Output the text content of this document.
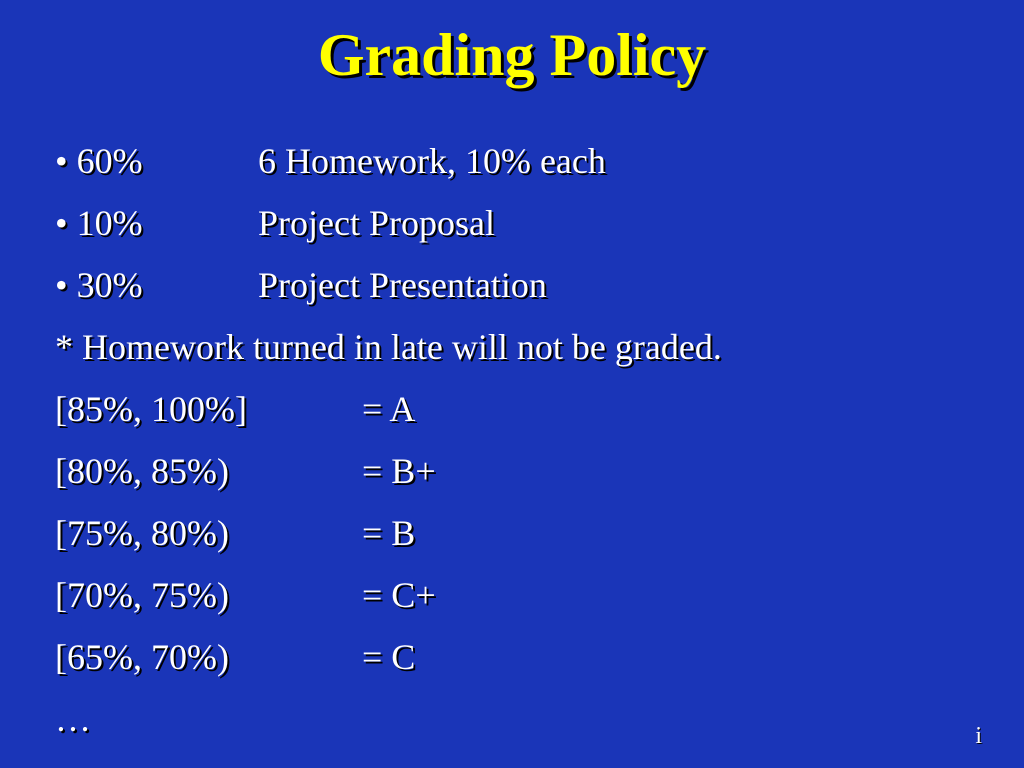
Grading Policy
• 60%	6 Homework, 10% each
• 10%	Project Proposal
• 30%	Project Presentation
* Homework turned in late will not be graded.
[85%, 100%]	= A
[80%, 85%)	= B+
[75%, 80%)	= B
[70%, 75%)	= C+
[65%, 70%)	= C
…	i
